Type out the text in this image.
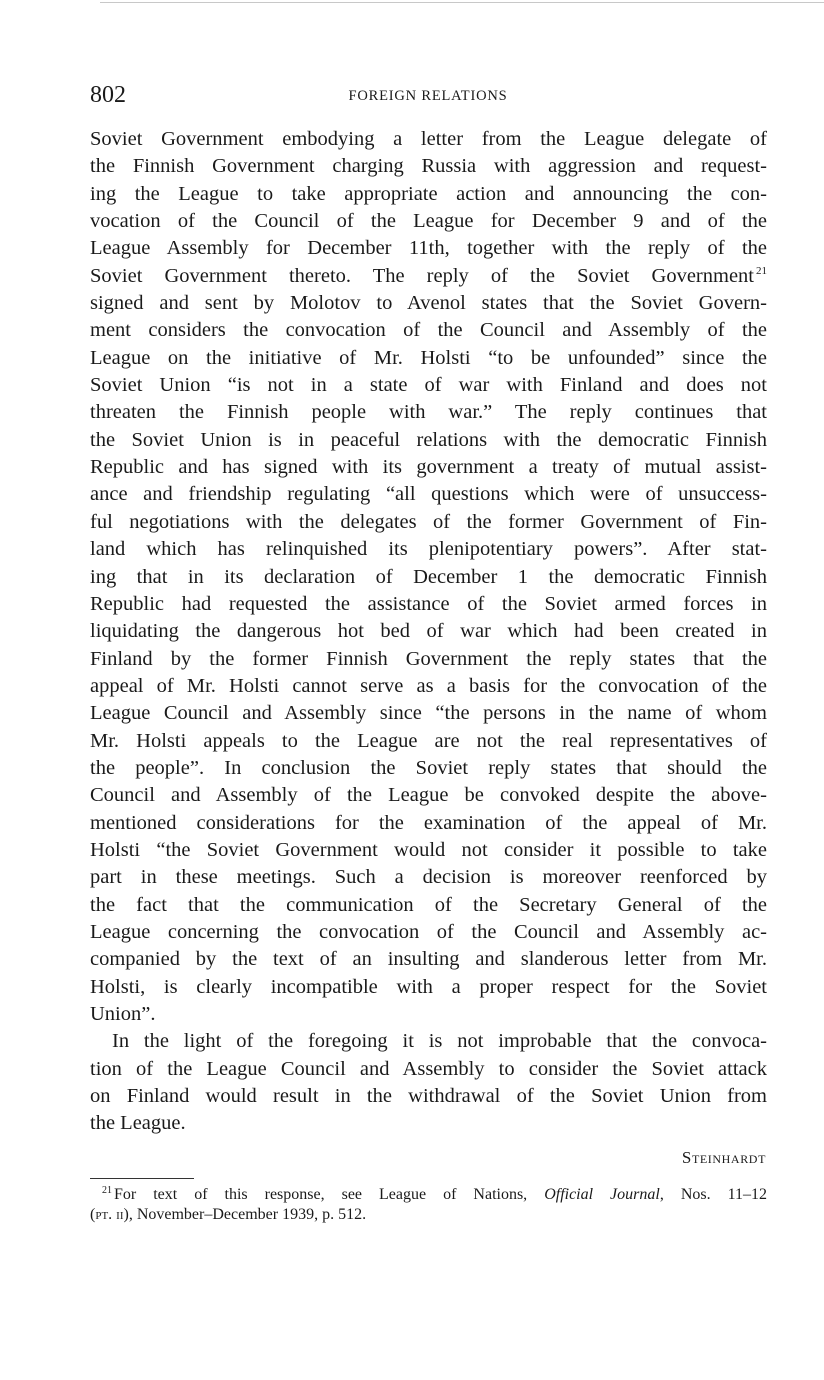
802	FOREIGN RELATIONS
Soviet Government embodying a letter from the League delegate of
the Finnish Government charging Russia with aggression and request-
ing the League to take appropriate action and announcing the con-
vocation of the Council of the League for December 9 and of the
League Assembly for December 11th, together with the reply of the
Soviet Government thereto. The reply of the Soviet Government $^{21}$
signed and sent by Molotov to Avenol states that the Soviet Govern-
ment considers the convocation of the Council and Assembly of the
League on the initiative of Mr. Holsti “to be unfounded” since the
Soviet Union “is not in a state of war with Finland and does not
threaten the Finnish people with war.” The reply continues that
the Soviet Union is in peaceful relations with the democratic Finnish
Republic and has signed with its government a treaty of mutual assist-
ance and friendship regulating “all questions which were of unsuccess-
ful negotiations with the delegates of the former Government of Fin-
land which has relinquished its plenipotentiary powers”. After stat-
ing that in its declaration of December 1 the democratic Finnish
Republic had requested the assistance of the Soviet armed forces in
liquidating the dangerous hot bed of war which had been created in
Finland by the former Finnish Government the reply states that the
appeal of Mr. Holsti cannot serve as a basis for the convocation of the
League Council and Assembly since “the persons in the name of whom
Mr. Holsti appeals to the League are not the real representatives of
the people”. In conclusion the Soviet reply states that should the
Council and Assembly of the League be convoked despite the above-
mentioned considerations for the examination of the appeal of Mr.
Holsti “the Soviet Government would not consider it possible to take
part in these meetings. Such a decision is moreover reenforced by
the fact that the communication of the Secretary General of the
League concerning the convocation of the Council and Assembly ac-
companied by the text of an insulting and slanderous letter from Mr.
Holsti, is clearly incompatible with a proper respect for the Soviet
Union”.
In the light of the foregoing it is not improbable that the convoca-
tion of the League Council and Assembly to consider the Soviet attack
on Finland would result in the withdrawal of the Soviet Union from
the League.
Steinhardt
$^{21}$ For text of this response, see League of Nations, Official Journal, Nos. 11–12
(pt. ii), November–December 1939, p. 512.
